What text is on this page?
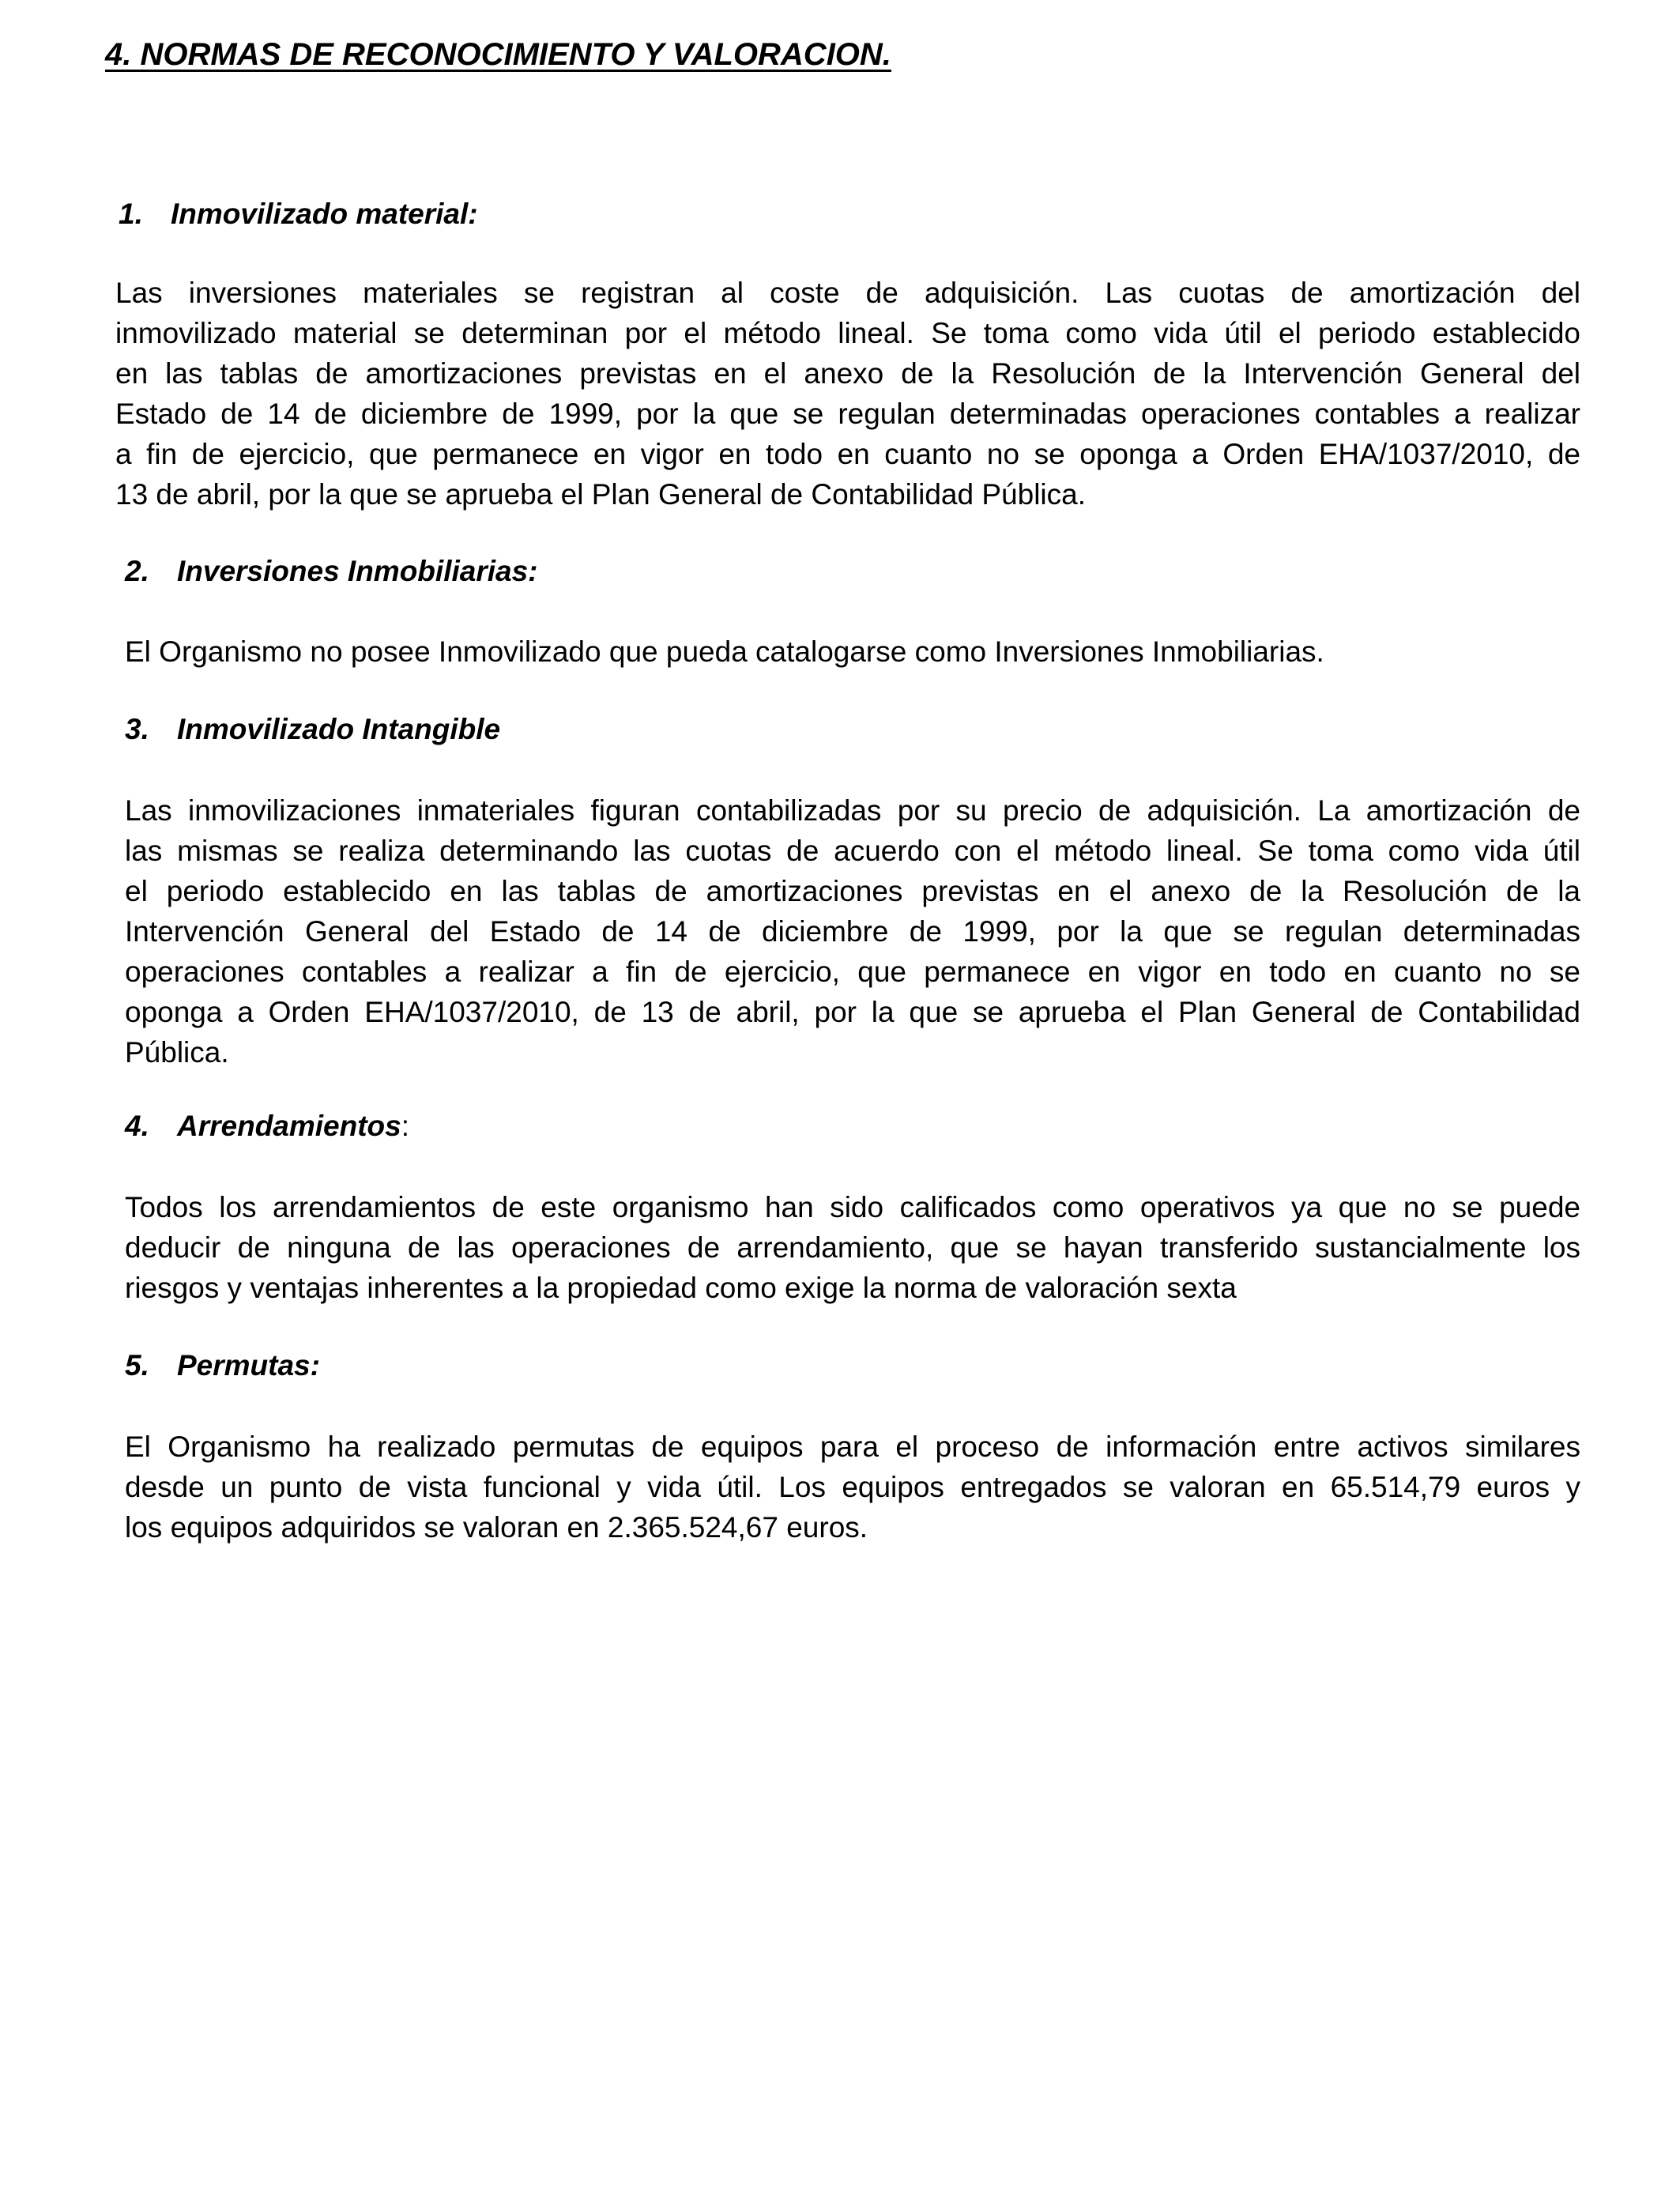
4. NORMAS DE RECONOCIMIENTO Y VALORACION.
1. Inmovilizado material:
Las inversiones materiales se registran al coste de adquisición. Las cuotas de amortización del
inmovilizado material se determinan por el método lineal. Se toma como vida útil el periodo establecido
en las tablas de amortizaciones previstas en el anexo de la Resolución de la Intervención General del
Estado de 14 de diciembre de 1999, por la que se regulan determinadas operaciones contables a realizar
a fin de ejercicio, que permanece en vigor en todo en cuanto no se oponga a Orden EHA/1037/2010, de
13 de abril, por la que se aprueba el Plan General de Contabilidad Pública.
2. Inversiones Inmobiliarias:
El Organismo no posee Inmovilizado que pueda catalogarse como Inversiones Inmobiliarias.
3. Inmovilizado Intangible
Las inmovilizaciones inmateriales figuran contabilizadas por su precio de adquisición. La amortización de
las mismas se realiza determinando las cuotas de acuerdo con el método lineal. Se toma como vida útil
el periodo establecido en las tablas de amortizaciones previstas en el anexo de la Resolución de la
Intervención General del Estado de 14 de diciembre de 1999, por la que se regulan determinadas
operaciones contables a realizar a fin de ejercicio, que permanece en vigor en todo en cuanto no se
oponga a Orden EHA/1037/2010, de 13 de abril, por la que se aprueba el Plan General de Contabilidad
Pública.
4. Arrendamientos:
Todos los arrendamientos de este organismo han sido calificados como operativos ya que no se puede
deducir de ninguna de las operaciones de arrendamiento, que se hayan transferido sustancialmente los
riesgos y ventajas inherentes a la propiedad como exige la norma de valoración sexta
5. Permutas:
El Organismo ha realizado permutas de equipos para el proceso de información entre activos similares
desde un punto de vista funcional y vida útil. Los equipos entregados se valoran en 65.514,79 euros y
los equipos adquiridos se valoran en 2.365.524,67 euros.
